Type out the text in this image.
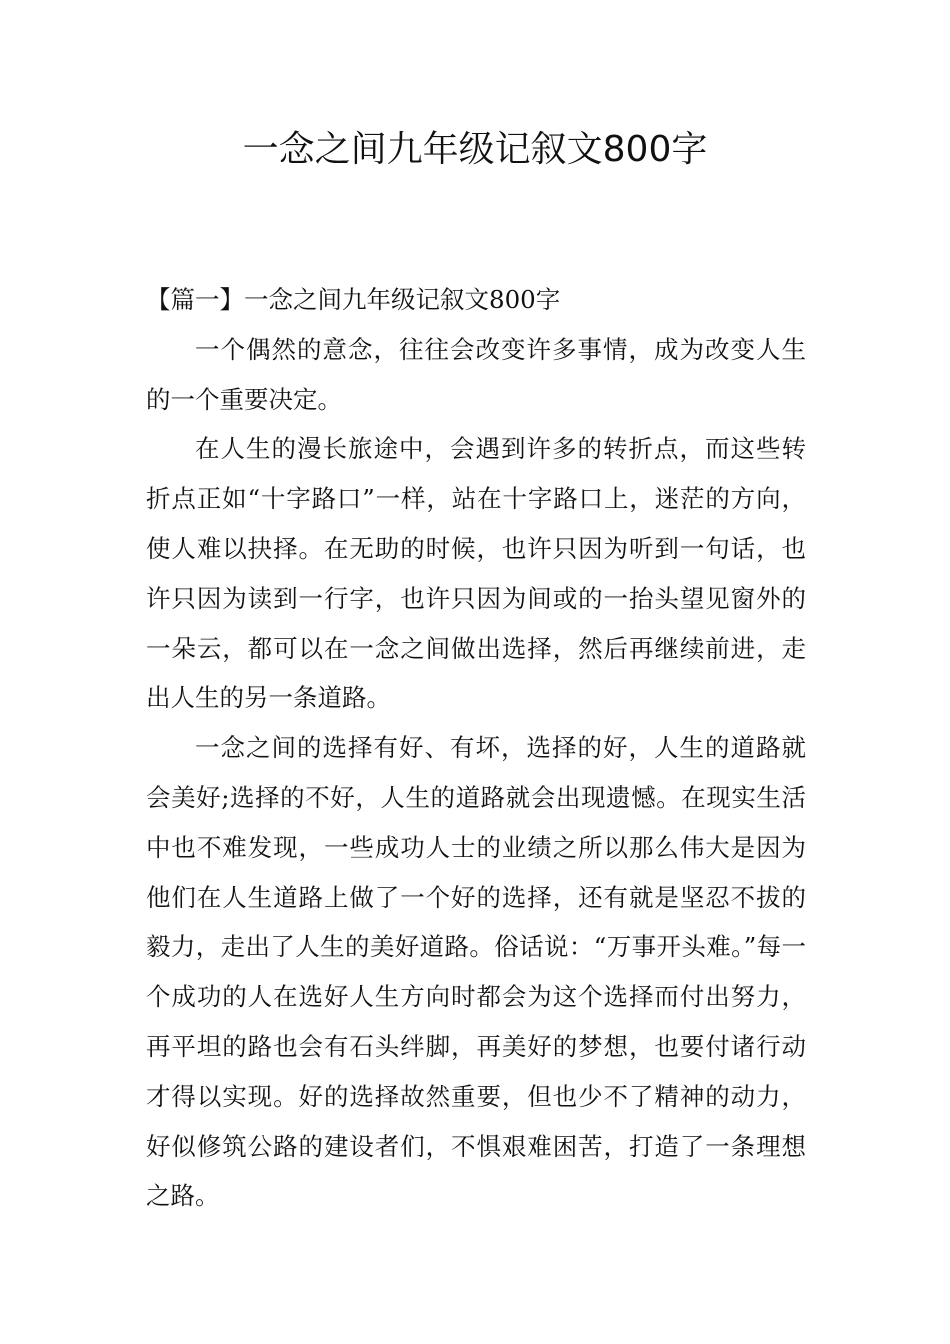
一念之间九年级记叙文800字

【篇一】一念之间九年级记叙文800字

一个偶然的意念，往往会改变许多事情，成为改变人生的一个重要决定。

在人生的漫长旅途中，会遇到许多的转折点，而这些转折点正如“十字路口”一样，站在十字路口上，迷茫的方向，使人难以抉择。在无助的时候，也许只因为听到一句话，也许只因为读到一行字，也许只因为间或的一抬头望见窗外的一朵云，都可以在一念之间做出选择，然后再继续前进，走出人生的另一条道路。

一念之间的选择有好、有坏，选择的好，人生的道路就会美好;选择的不好，人生的道路就会出现遗憾。在现实生活中也不难发现，一些成功人士的业绩之所以那么伟大是因为他们在人生道路上做了一个好的选择，还有就是坚忍不拔的毅力，走出了人生的美好道路。俗话说：“万事开头难。”每一个成功的人在选好人生方向时都会为这个选择而付出努力，再平坦的路也会有石头绊脚，再美好的梦想，也要付诸行动才得以实现。好的选择故然重要，但也少不了精神的动力，好似修筑公路的建设者们，不惧艰难困苦，打造了一条理想之路。
